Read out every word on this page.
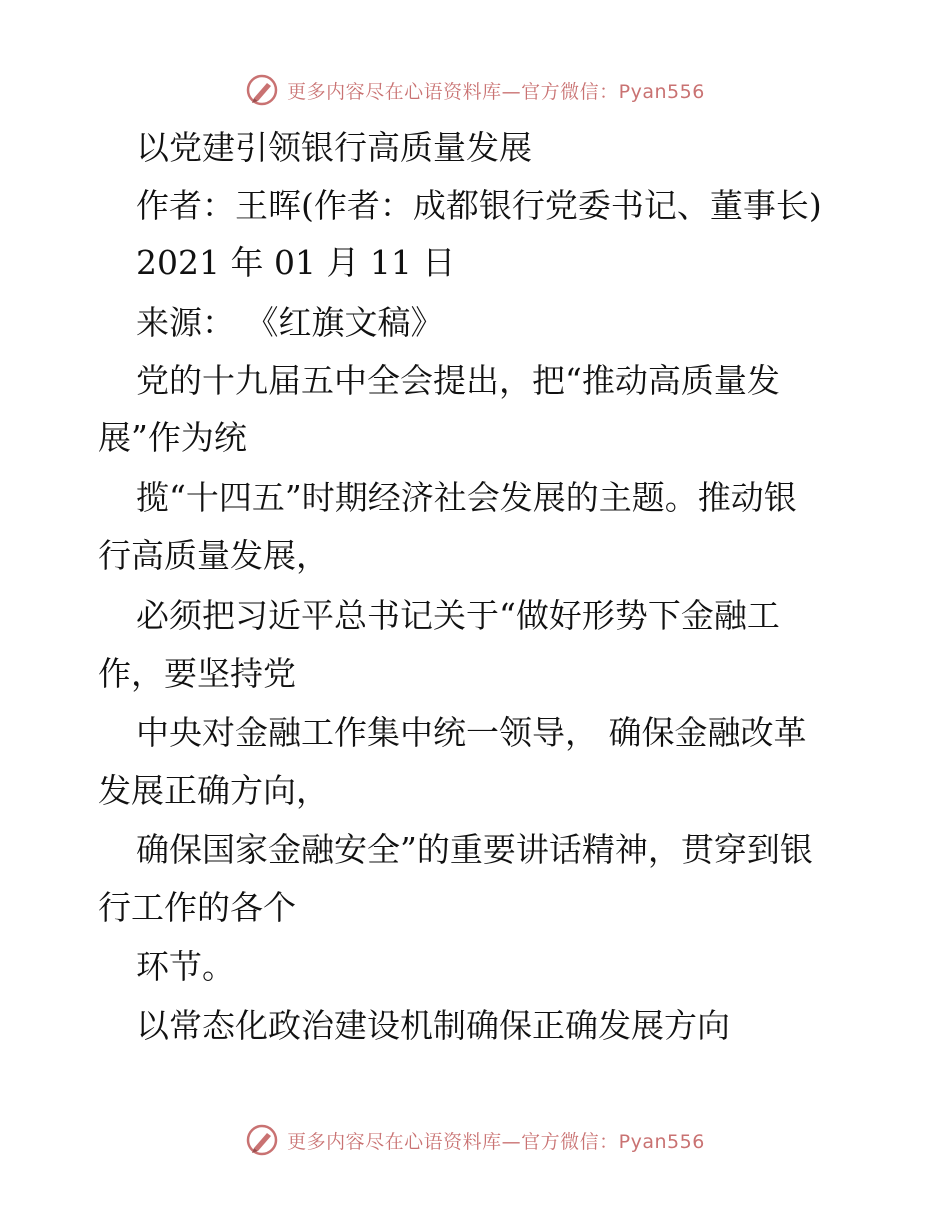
更多内容尽在心语资料库—官方微信：Pyan556
以党建引领银行高质量发展
作者：王晖(作者：成都银行党委书记、董事长)
2021 年 01 月 11 日
来源： 《红旗文稿》
党的十九届五中全会提出，把“推动高质量发
展”作为统
揽“十四五”时期经济社会发展的主题。推动银
行高质量发展，
必须把习近平总书记关于“做好形势下金融工
作，要坚持党
中央对金融工作集中统一领导， 确保金融改革
发展正确方向，
确保国家金融安全”的重要讲话精神，贯穿到银
行工作的各个
环节。
以常态化政治建设机制确保正确发展方向
更多内容尽在心语资料库—官方微信：Pyan556
